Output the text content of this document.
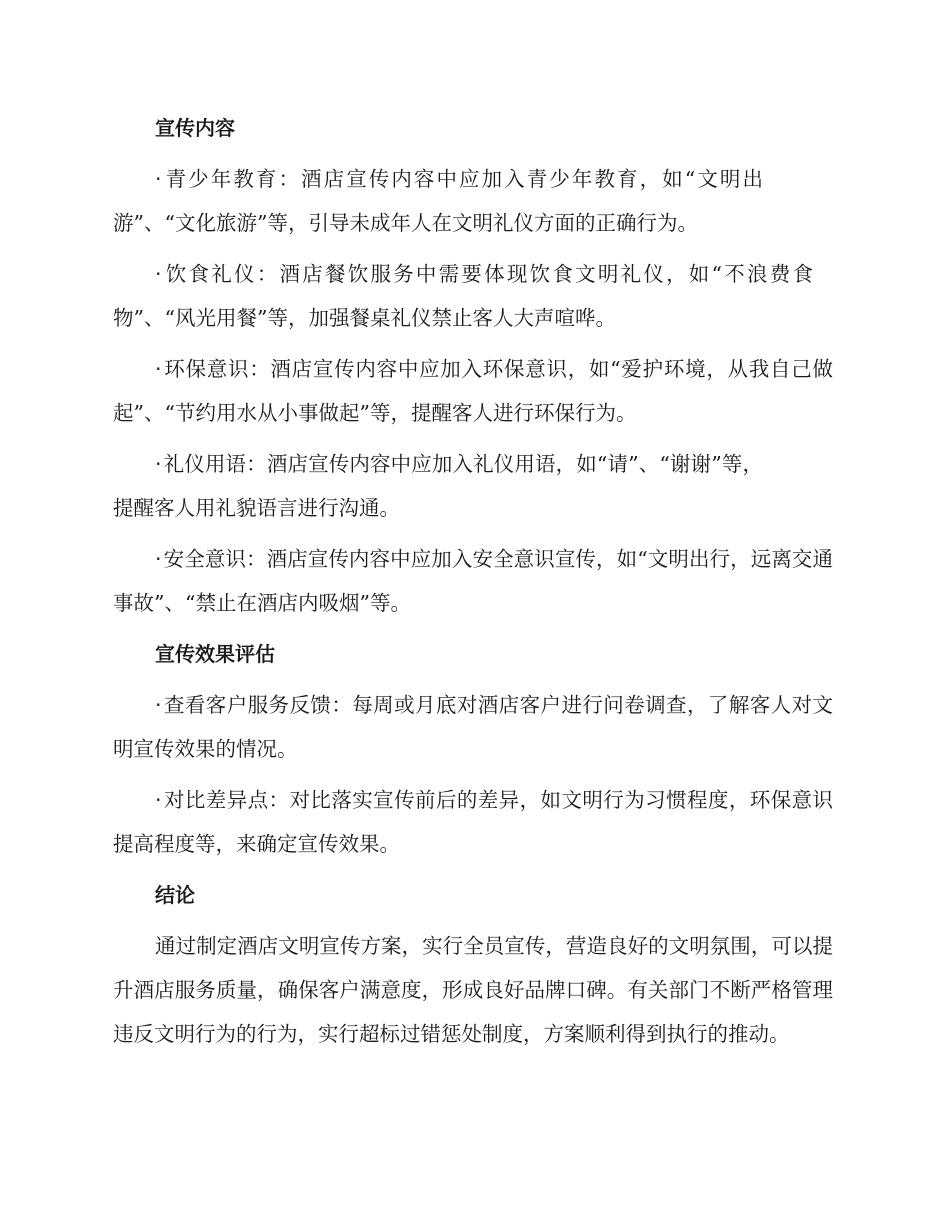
宣传内容

·青少年教育：酒店宣传内容中应加入青少年教育，如“文明出游”、“文化旅游”等，引导未成年人在文明礼仪方面的正确行为。

·饮食礼仪：酒店餐饮服务中需要体现饮食文明礼仪，如“不浪费食物”、“风光用餐”等，加强餐桌礼仪禁止客人大声喧哗。

·环保意识：酒店宣传内容中应加入环保意识，如“爱护环境，从我自己做起”、“节约用水从小事做起”等，提醒客人进行环保行为。

·礼仪用语：酒店宣传内容中应加入礼仪用语，如“请”、“谢谢”等，提醒客人用礼貌语言进行沟通。

·安全意识：酒店宣传内容中应加入安全意识宣传，如“文明出行，远离交通事故”、“禁止在酒店内吸烟”等。

宣传效果评估

·查看客户服务反馈：每周或月底对酒店客户进行问卷调查，了解客人对文明宣传效果的情况。

·对比差异点：对比落实宣传前后的差异，如文明行为习惯程度，环保意识提高程度等，来确定宣传效果。

结论

通过制定酒店文明宣传方案，实行全员宣传，营造良好的文明氛围，可以提升酒店服务质量，确保客户满意度，形成良好品牌口碑。有关部门不断严格管理违反文明行为的行为，实行超标过错惩处制度，方案顺利得到执行的推动。
